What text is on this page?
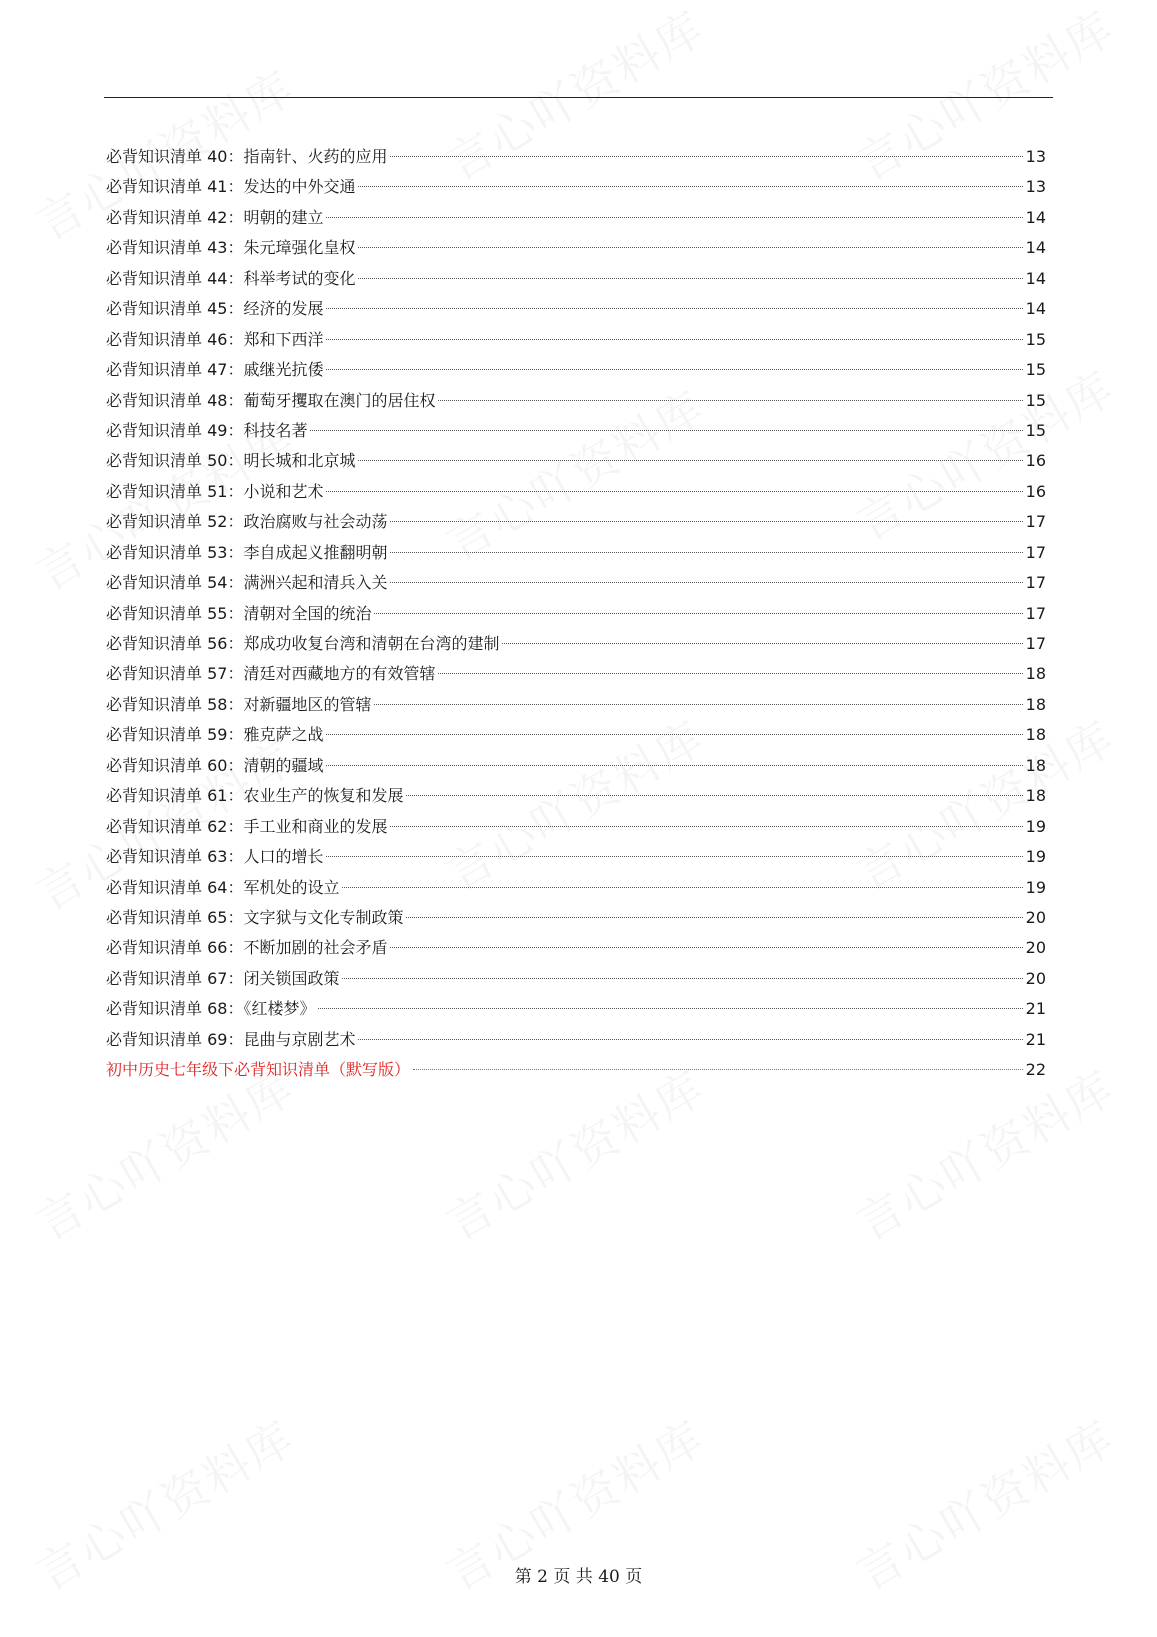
必背知识清单 40：指南针、火药的应用	13
必背知识清单 41：发达的中外交通	13
必背知识清单 42：明朝的建立	14
必背知识清单 43：朱元璋强化皇权	14
必背知识清单 44：科举考试的变化	14
必背知识清单 45：经济的发展	14
必背知识清单 46：郑和下西洋	15
必背知识清单 47：戚继光抗倭	15
必背知识清单 48：葡萄牙攫取在澳门的居住权	15
必背知识清单 49：科技名著	15
必背知识清单 50：明长城和北京城	16
必背知识清单 51：小说和艺术	16
必背知识清单 52：政治腐败与社会动荡	17
必背知识清单 53：李自成起义推翻明朝	17
必背知识清单 54：满洲兴起和清兵入关	17
必背知识清单 55：清朝对全国的统治	17
必背知识清单 56：郑成功收复台湾和清朝在台湾的建制	17
必背知识清单 57：清廷对西藏地方的有效管辖	18
必背知识清单 58：对新疆地区的管辖	18
必背知识清单 59：雅克萨之战	18
必背知识清单 60：清朝的疆域	18
必背知识清单 61：农业生产的恢复和发展	18
必背知识清单 62：手工业和商业的发展	19
必背知识清单 63：人口的增长	19
必背知识清单 64：军机处的设立	19
必背知识清单 65：文字狱与文化专制政策	20
必背知识清单 66：不断加剧的社会矛盾	20
必背知识清单 67：闭关锁国政策	20
必背知识清单 68：《红楼梦》	21
必背知识清单 69：昆曲与京剧艺术	21
初中历史七年级下必背知识清单（默写版）	22
第 2 页 共 40 页
